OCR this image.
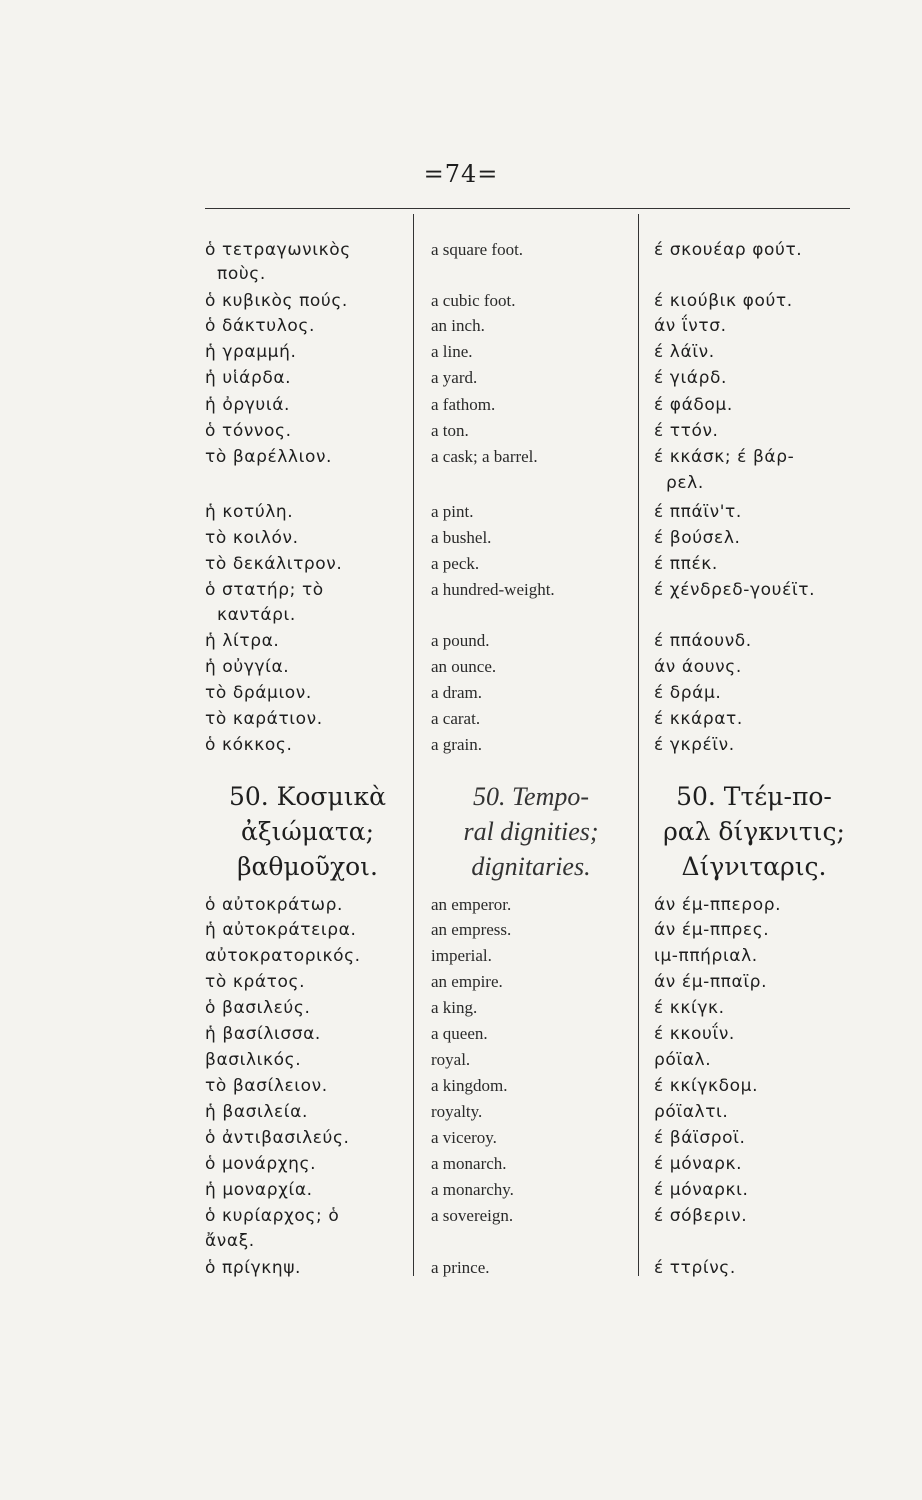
=74=
ὁ τετραγωνικὸς
ποὺς.
ὁ κυβικὸς πούς.
ὁ δάκτυλος.
ἡ γραμμή.
ἡ υἱάρδα.
ἡ ὀργυιά.
ὁ τόννος.
τὸ βαρέλλιον.
ἡ κοτύλη.
τὸ κοιλόν.
τὸ δεκάλιτρον.
ὁ στατήρ; τὸ
καντάρι.
ἡ λίτρα.
ἡ οὐγγία.
τὸ δράμιον.
τὸ καράτιον.
ὁ κόκκος.
50. Κοσμικὰ
ἀξιώματα;
βαθμοῦχοι.
ὁ αὐτοκράτωρ.
ἡ αὐτοκράτειρα.
αὐτοκρατορικός.
τὸ κράτος.
ὁ βασιλεύς.
ἡ βασίλισσα.
βασιλικός.
τὸ βασίλειον.
ἡ βασιλεία.
ὁ ἀντιβασιλεύς.
ὁ μονάρχης.
ἡ μοναρχία.
ὁ κυρίαρχος; ὁ
ἄναξ.
ὁ πρίγκηψ.
a square foot.
a cubic foot.
an inch.
a line.
a yard.
a fathom.
a ton.
a cask; a barrel.
a pint.
a bushel.
a peck.
a hundred-weight.
a pound.
an ounce.
a dram.
a carat.
a grain.
50. Tempo-
ral dignities;
dignitaries.
an emperor.
an empress.
imperial.
an empire.
a king.
a queen.
royal.
a kingdom.
royalty.
a viceroy.
a monarch.
a monarchy.
a sovereign.
a prince.
έ σκουέαρ φούτ.
έ κιούβικ φούτ.
άν ΐντσ.
έ λάϊν.
έ γιάρδ.
έ φάδομ.
έ ττόν.
έ κκάσκ; έ βάρ-
ρελ.
έ ππάϊν'τ.
έ βούσελ.
έ ππέκ.
έ χένδρεδ-γουέϊτ.
έ ππάουνδ.
άν άουνς.
έ δράμ.
έ κκάρατ.
έ γκρέϊν.
50. Ττέμ-πο-
ραλ δίγκνιτις;
Δίγνιταρις.
άν έμ-ππερορ.
άν έμ-ππρες.
ιμ-ππήριαλ.
άν έμ-ππαϊρ.
έ κκίγκ.
έ κκουΐν.
ρόϊαλ.
έ κκίγκδομ.
ρόϊαλτι.
έ βάϊσροϊ.
έ μόναρκ.
έ μόναρκι.
έ σόβεριν.
έ ττρίνς.
